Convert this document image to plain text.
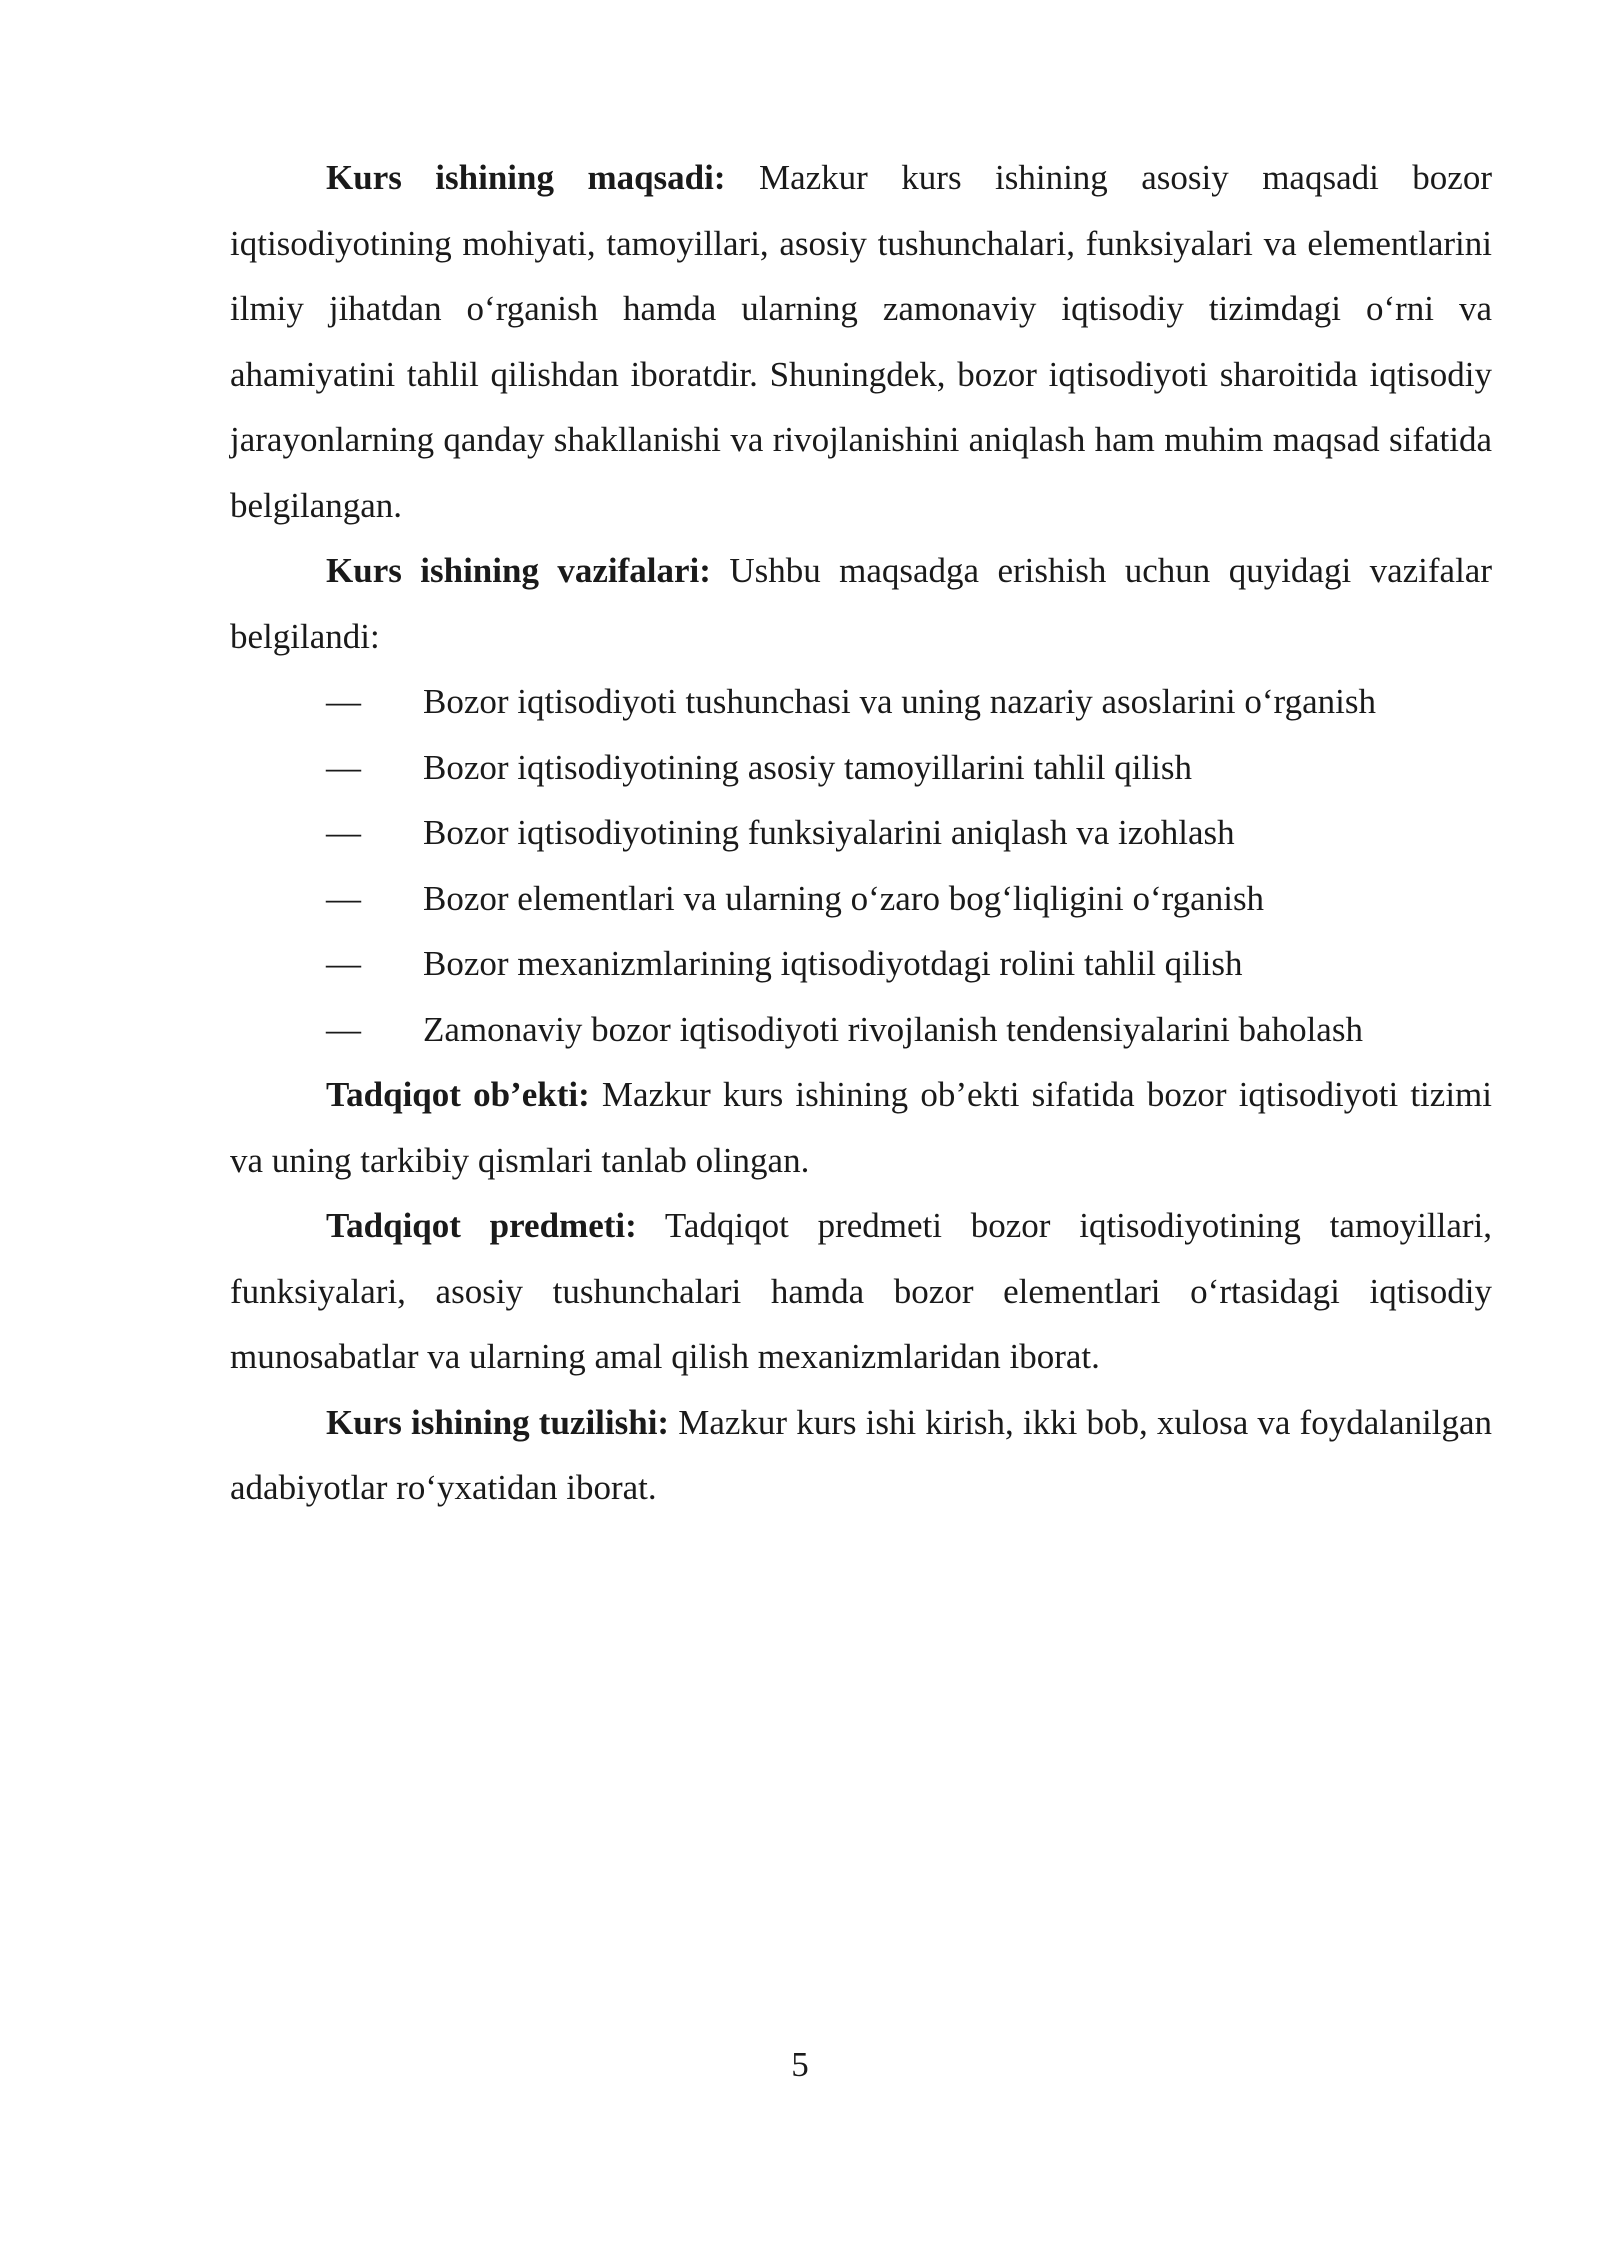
Kurs ishining maqsadi: Mazkur kurs ishining asosiy maqsadi bozor iqtisodiyotining mohiyati, tamoyillari, asosiy tushunchalari, funksiyalari va elementlarini ilmiy jihatdan o‘rganish hamda ularning zamonaviy iqtisodiy tizimdagi o‘rni va ahamiyatini tahlil qilishdan iboratdir. Shuningdek, bozor iqtisodiyoti sharoitida iqtisodiy jarayonlarning qanday shakllanishi va rivojlanishini aniqlash ham muhim maqsad sifatida belgilangan.

Kurs ishining vazifalari: Ushbu maqsadga erishish uchun quyidagi vazifalar belgilandi:

— Bozor iqtisodiyoti tushunchasi va uning nazariy asoslarini o‘rganish
— Bozor iqtisodiyotining asosiy tamoyillarini tahlil qilish
— Bozor iqtisodiyotining funksiyalarini aniqlash va izohlash
— Bozor elementlari va ularning o‘zaro bog‘liqligini o‘rganish
— Bozor mexanizmlarining iqtisodiyotdagi rolini tahlil qilish
— Zamonaviy bozor iqtisodiyoti rivojlanish tendensiyalarini baholash

Tadqiqot ob’ekti: Mazkur kurs ishining ob’ekti sifatida bozor iqtisodiyoti tizimi va uning tarkibiy qismlari tanlab olingan.

Tadqiqot predmeti: Tadqiqot predmeti bozor iqtisodiyotining tamoyillari, funksiyalari, asosiy tushunchalari hamda bozor elementlari o‘rtasidagi iqtisodiy munosabatlar va ularning amal qilish mexanizmlaridan iborat.

Kurs ishining tuzilishi: Mazkur kurs ishi kirish, ikki bob, xulosa va foydalanilgan adabiyotlar ro‘yxatidan iborat.

5
